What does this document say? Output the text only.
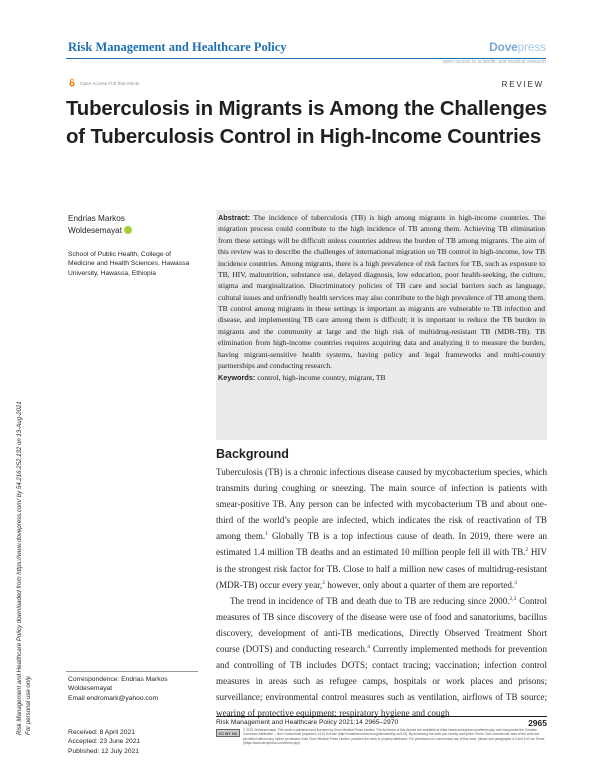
Risk Management and Healthcare Policy	Dovepress
open access to scientific and medical research
Open Access Full Text Article	REVIEW
Tuberculosis in Migrants is Among the Challenges of Tuberculosis Control in High-Income Countries
Risk Management and Healthcare Policy downloaded from https://www.dovepress.com/ by 54.216.252.132 on 13-Aug-2021 For personal use only.
Endrias Markos
Woldesemayat
School of Public Health, College of Medicine and Health Sciences, Hawassa University, Hawassa, Ethiopia
Abstract: The incidence of tuberculosis (TB) is high among migrants in high-income countries. The migration process could contribute to the high incidence of TB among them. Achieving TB elimination from these settings will be difficult unless countries address the burden of TB among migrants. The aim of this review was to describe the challenges of international migration on TB control in high-income, low TB incidence countries. Among migrants, there is a high prevalence of risk factors for TB, such as exposure to TB, HIV, malnutrition, substance use, delayed diagnosis, low education, poor health-seeking, the culture, stigma and marginalization. Discriminatory policies of TB care and social barriers such as language, cultural issues and unfriendly health services may also contribute to the high prevalence of TB among them. TB control among migrants in these settings is important as migrants are vulnerable to TB infection and disease, and implementing TB care among them is difficult; it is important to reduce the TB burden in migrants and the community at large and the high risk of multidrug-resistant TB (MDR-TB). TB elimination from high-income countries requires acquiring data and analyzing it to measure the burden, having migrant-sensitive health systems, having policy and legal frameworks and multi-country partnerships and conducting research.
Keywords: control, high-income country, migrant, TB
Background

Tuberculosis (TB) is a chronic infectious disease caused by mycobacterium species, which transmits during coughing or sneezing. The main source of infection is patients with smear-positive TB. Any person can be infected with mycobacterium TB and about one-third of the world’s people are infected, which indicates the risk of reactivation of TB among them.$^1$ Globally TB is a top infectious cause of death. In 2019, there were an estimated 1.4 million TB deaths and an estimated 10 million people fell ill with TB.$^2$ HIV is the strongest risk factor for TB. Close to half a million new cases of multidrug-resistant (MDR-TB) occur every year,$^2$ however, only about a quarter of them are reported.$^3$

The trend in incidence of TB and death due to TB are reducing since 2000.$^{2,3}$ Control measures of TB since discovery of the disease were use of food and sanatoriums, bacillus discovery, development of anti-TB medications, Directly Observed Treatment Short course (DOTS) and conducting research.$^4$ Currently implemented methods for prevention and controlling of TB includes DOTS; contact tracing; vaccination; infection control measures in areas such as refugee camps, hospitals or work places and prisons; surveillance; environmental control measures such as ventilation, airflows of TB source; wearing of protective equipment; respiratory hygiene and cough

Correspondence: Endrias Markos
Woldesemayat
Email endromark@yahoo.com
Received: 8 April 2021
Accepted: 23 June 2021
Published: 12 July 2021
Risk Management and Healthcare Policy 2021:14 2965–2970	2965
CC BY NC
© 2021 Woldesemayat. This work is published and licensed by Dove Medical Press Limited. The full terms of this license are available at https://www.dovepress.com/terms.php and incorporate the Creative Commons Attribution – Non Commercial (unported, v3.0) License (http://creativecommons.org/licenses/by-nc/3.0/). By accessing the work you hereby accept the Terms. Non-commercial uses of the work are permitted without any further permission from Dove Medical Press Limited, provided the work is properly attributed. For permission for commercial use of this work, please see paragraphs 4.2 and 5 of our Terms (https://www.dovepress.com/terms.php).
